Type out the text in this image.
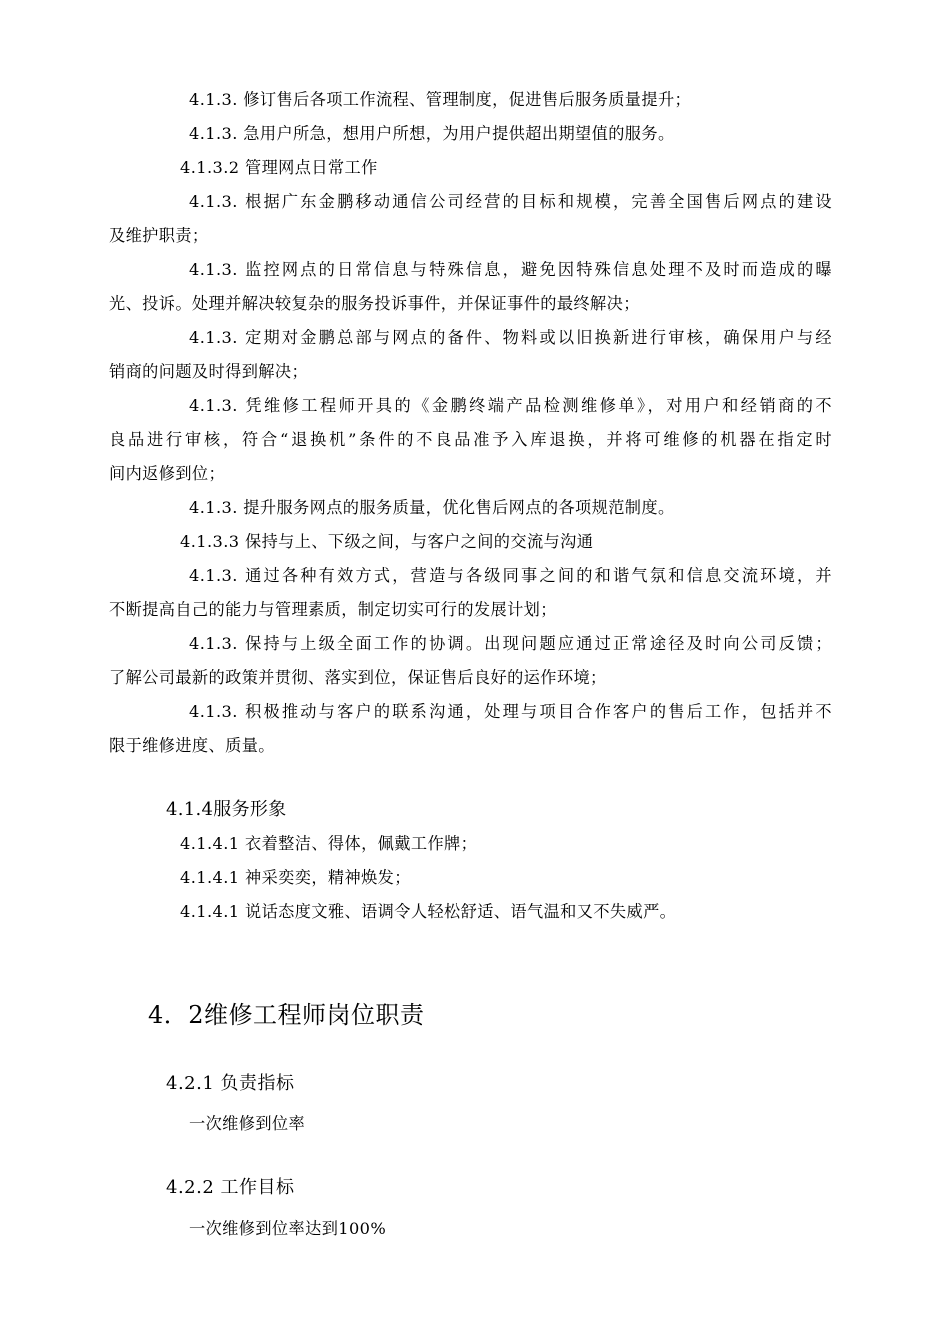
4.1.3. 修订售后各项工作流程、管理制度，促进售后服务质量提升；
4.1.3. 急用户所急，想用户所想，为用户提供超出期望值的服务。
4.1.3.2 管理网点日常工作
4.1.3. 根据广东金鹏移动通信公司经营的目标和规模，完善全国售后网点的建设
及维护职责；
4.1.3. 监控网点的日常信息与特殊信息，避免因特殊信息处理不及时而造成的曝
光、投诉。处理并解决较复杂的服务投诉事件，并保证事件的最终解决；
4.1.3. 定期对金鹏总部与网点的备件、物料或以旧换新进行审核，确保用户与经
销商的问题及时得到解决；
4.1.3. 凭维修工程师开具的《金鹏终端产品检测维修单》，对用户和经销商的不
良品进行审核，符合“退换机”条件的不良品准予入库退换，并将可维修的机器在指定时
间内返修到位；
4.1.3. 提升服务网点的服务质量，优化售后网点的各项规范制度。
4.1.3.3 保持与上、下级之间，与客户之间的交流与沟通
4.1.3. 通过各种有效方式，营造与各级同事之间的和谐气氛和信息交流环境，并
不断提高自己的能力与管理素质，制定切实可行的发展计划；
4.1.3. 保持与上级全面工作的协调。出现问题应通过正常途径及时向公司反馈；
了解公司最新的政策并贯彻、落实到位，保证售后良好的运作环境；
4.1.3. 积极推动与客户的联系沟通，处理与项目合作客户的售后工作，包括并不
限于维修进度、质量。
4.1.4服务形象
4.1.4.1 衣着整洁、得体，佩戴工作牌；
4.1.4.1 神采奕奕，精神焕发；
4.1.4.1 说话态度文雅、语调令人轻松舒适、语气温和又不失威严。
4．2维修工程师岗位职责
4.2.1 负责指标
一次维修到位率
4.2.2 工作目标
一次维修到位率达到100%
